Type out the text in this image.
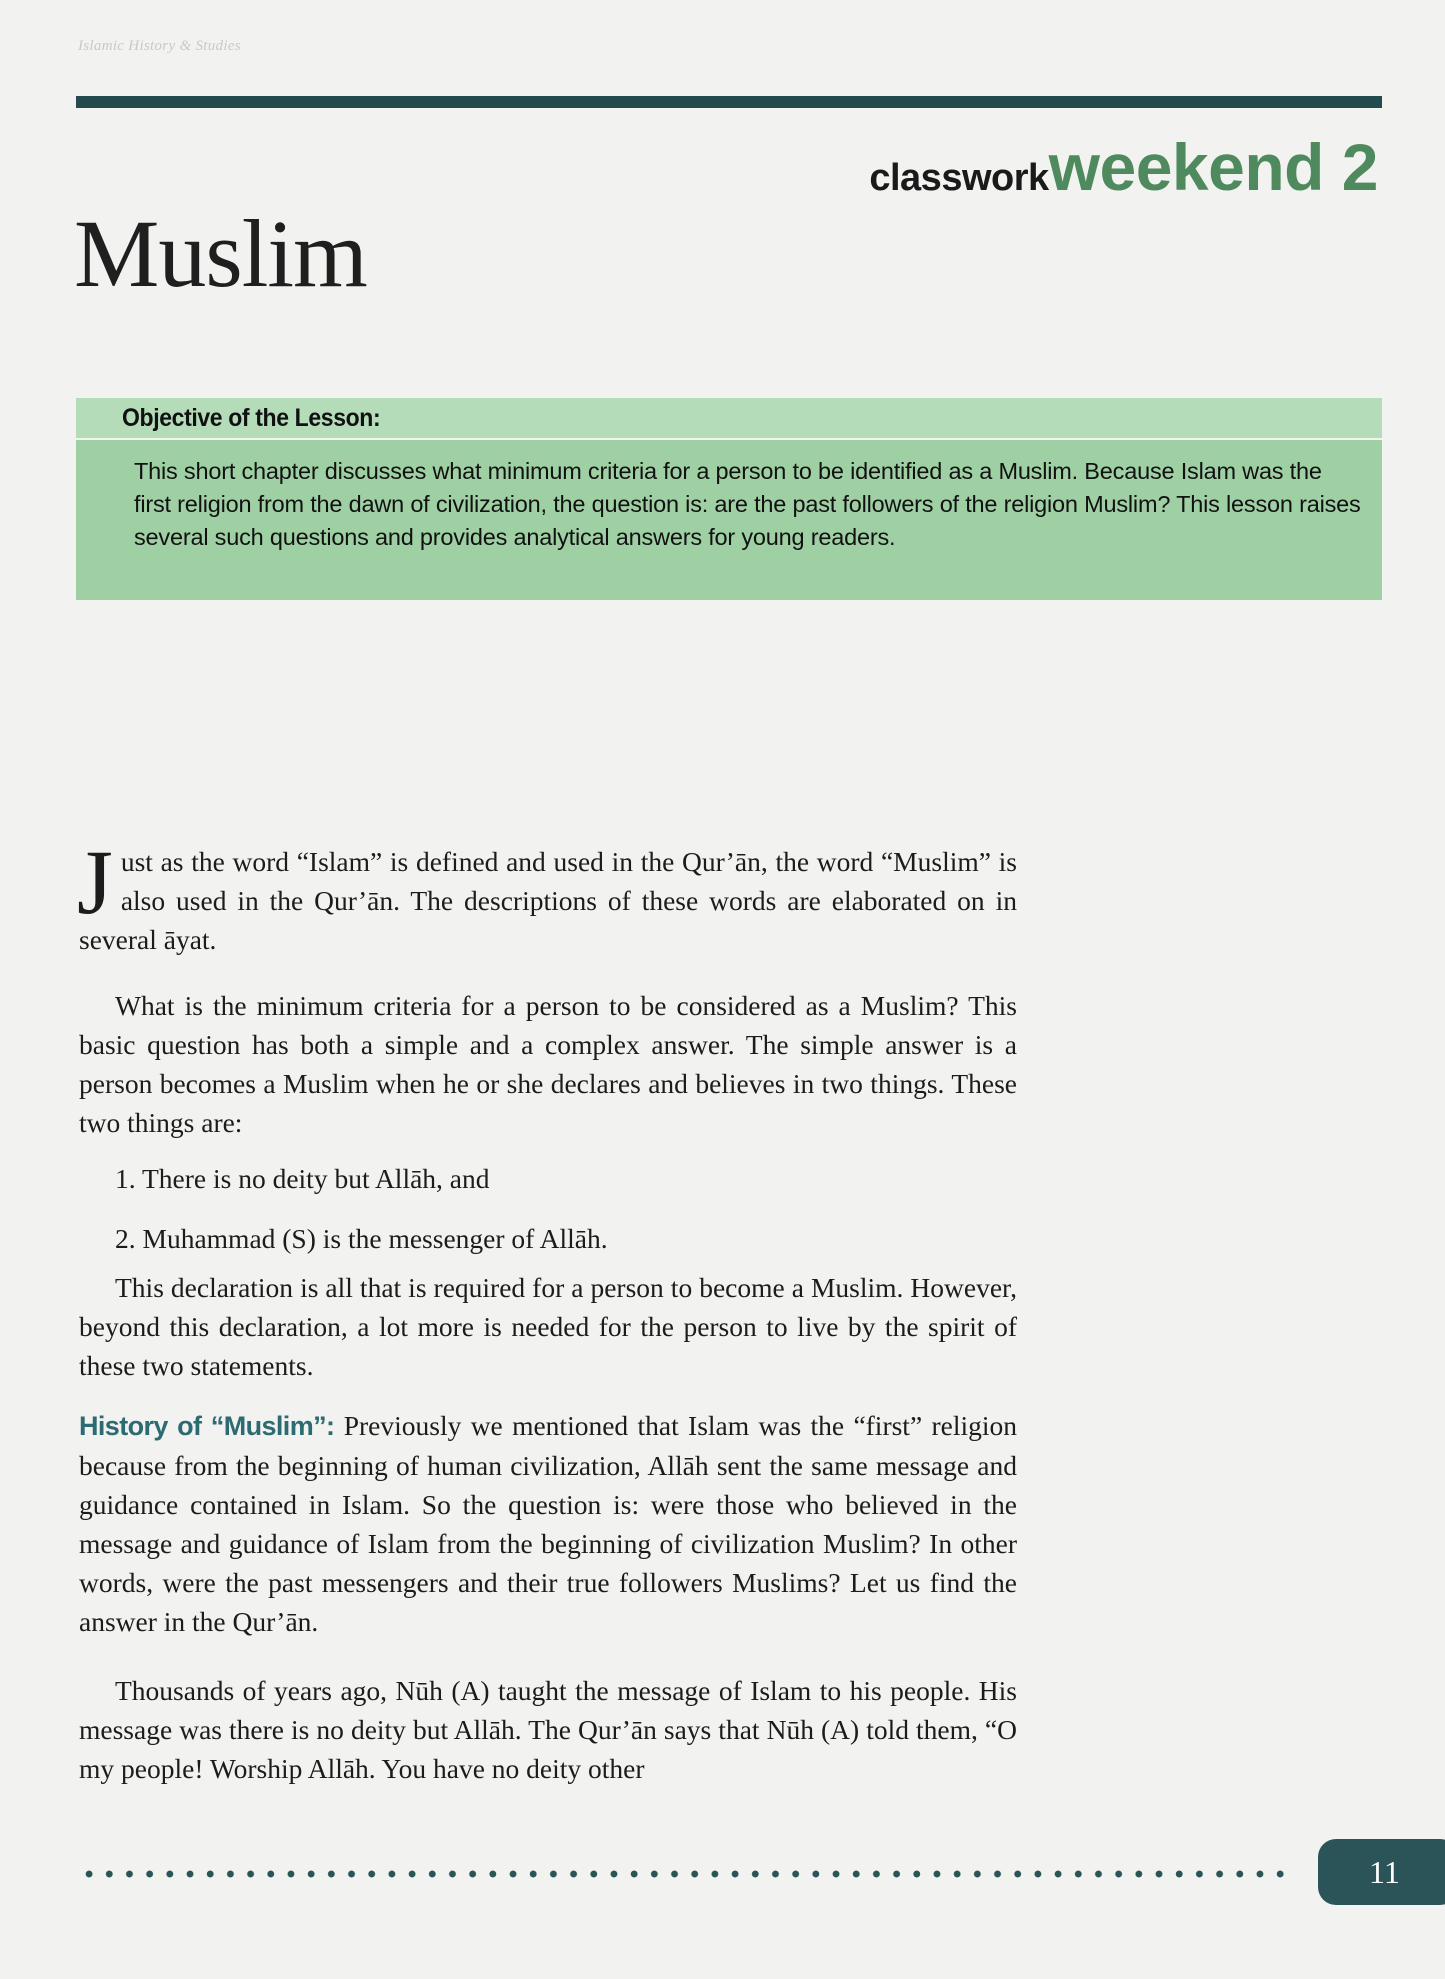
Islamic History & Studies
classworkweekend 2
Muslim
Objective of the Lesson:
This short chapter discusses what minimum criteria for a person to be identified as a Muslim. Because Islam was the first religion from the dawn of civilization, the question is: are the past followers of the religion Muslim? This lesson raises several such questions and provides analytical answers for young readers.

Just as the word “Islam” is defined and used in the Qur’ān, the word “Muslim” is also used in the Qur’ān. The descriptions of these words are elaborated on in several āyat.

What is the minimum criteria for a person to be considered as a Muslim? This basic question has both a simple and a complex answer. The simple answer is a person becomes a Muslim when he or she declares and believes in two things. These two things are:

1. There is no deity but Allāh, and

2. Muhammad (S) is the messenger of Allāh.

This declaration is all that is required for a person to become a Muslim. However, beyond this declaration, a lot more is needed for the person to live by the spirit of these two statements.

History of “Muslim”: Previously we mentioned that Islam was the “first” religion because from the beginning of human civilization, Allāh sent the same message and guidance contained in Islam. So the question is: were those who believed in the message and guidance of Islam from the beginning of civilization Muslim? In other words, were the past messengers and their true followers Muslims? Let us find the answer in the Qur’ān.

Thousands of years ago, Nūh (A) taught the message of Islam to his people. His message was there is no deity but Allāh. The Qur’ān says that Nūh (A) told them, “O my people! Worship Allāh. You have no deity other

11
